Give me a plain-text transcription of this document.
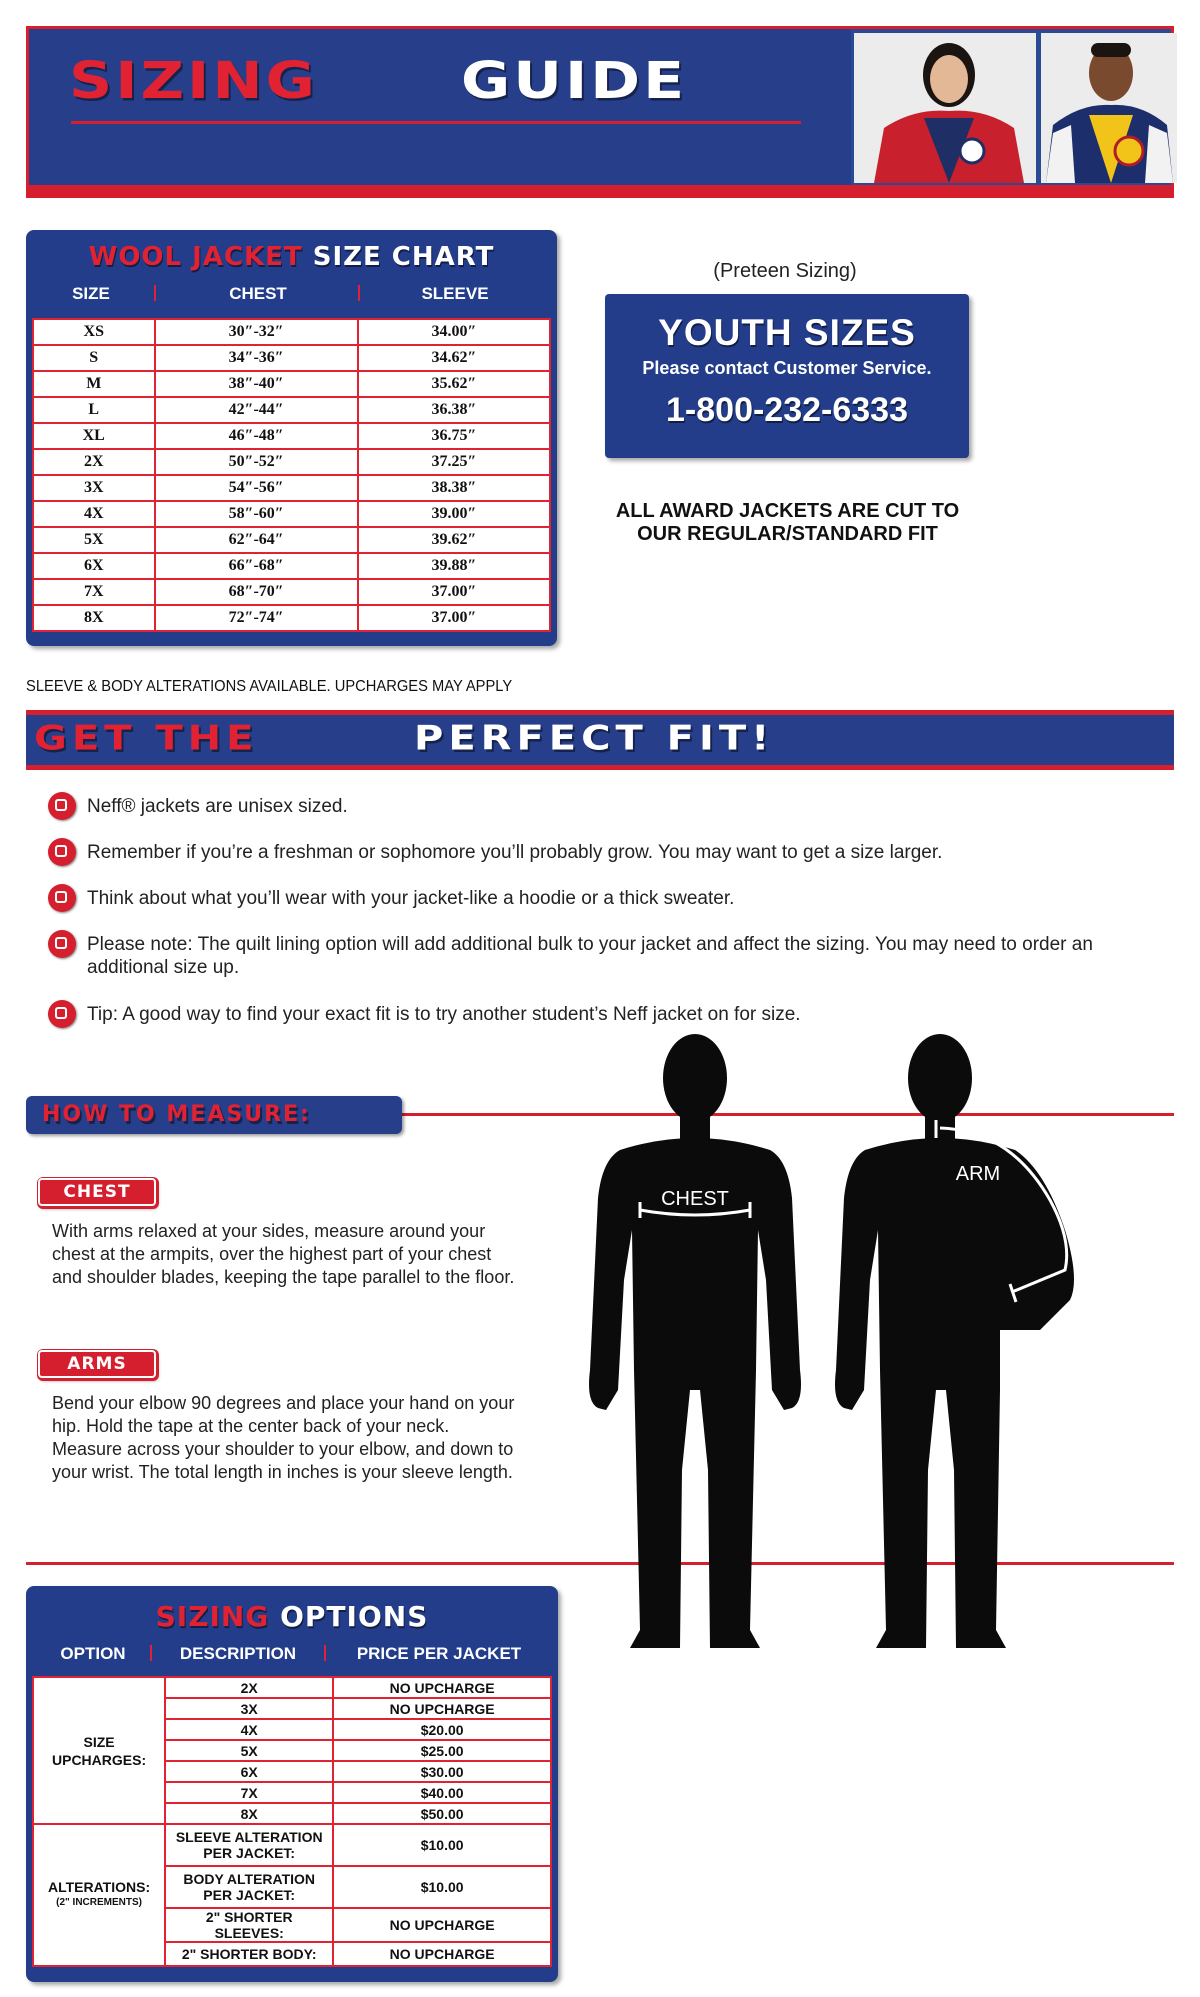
SIZING GUIDE
WOOL JACKET SIZE CHART
SIZE	CHEST	SLEEVE
XS	30″-32″	34.00″
S	34″-36″	34.62″
M	38″-40″	35.62″
L	42″-44″	36.38″
XL	46″-48″	36.75″
2X	50″-52″	37.25″
3X	54″-56″	38.38″
4X	58″-60″	39.00″
5X	62″-64″	39.62″
6X	66″-68″	39.88″
7X	68″-70″	37.00″
8X	72″-74″	37.00″
SLEEVE & BODY ALTERATIONS AVAILABLE. UPCHARGES MAY APPLY
(Preteen Sizing)
YOUTH SIZES
Please contact Customer Service.
1-800-232-6333
ALL AWARD JACKETS ARE CUT TO
OUR REGULAR/STANDARD FIT
GET THE	PERFECT FIT!
Neff® jackets are unisex sized.
Remember if you’re a freshman or sophomore you’ll probably grow. You may want to get a size larger.
Think about what you’ll wear with your jacket-like a hoodie or a thick sweater.
Please note: The quilt lining option will add additional bulk to your jacket and affect the sizing. You may need to order an additional size up.
Tip: A good way to find your exact fit is to try another student’s Neff jacket on for size.
HOW TO MEASURE:
CHEST
With arms relaxed at your sides, measure around your chest at the armpits, over the highest part of your chest and shoulder blades, keeping the tape parallel to the floor.
ARMS
Bend your elbow 90 degrees and place your hand on your hip. Hold the tape at the center back of your neck. Measure across your shoulder to your elbow, and down to your wrist. The total length in inches is your sleeve length.
CHEST
ARM
SIZING OPTIONS
OPTION	DESCRIPTION	PRICE PER JACKET
SIZE UPCHARGES:	2X	NO UPCHARGE
	3X	NO UPCHARGE
	4X	$20.00
	5X	$25.00
	6X	$30.00
	7X	$40.00
	8X	$50.00

ALTERATIONS:
(2" INCREMENTS)	SLEEVE ALTERATION PER JACKET:	$10.00
	BODY ALTERATION PER JACKET:	$10.00
	2" SHORTER SLEEVES:	NO UPCHARGE
	2" SHORTER BODY:	NO UPCHARGE
